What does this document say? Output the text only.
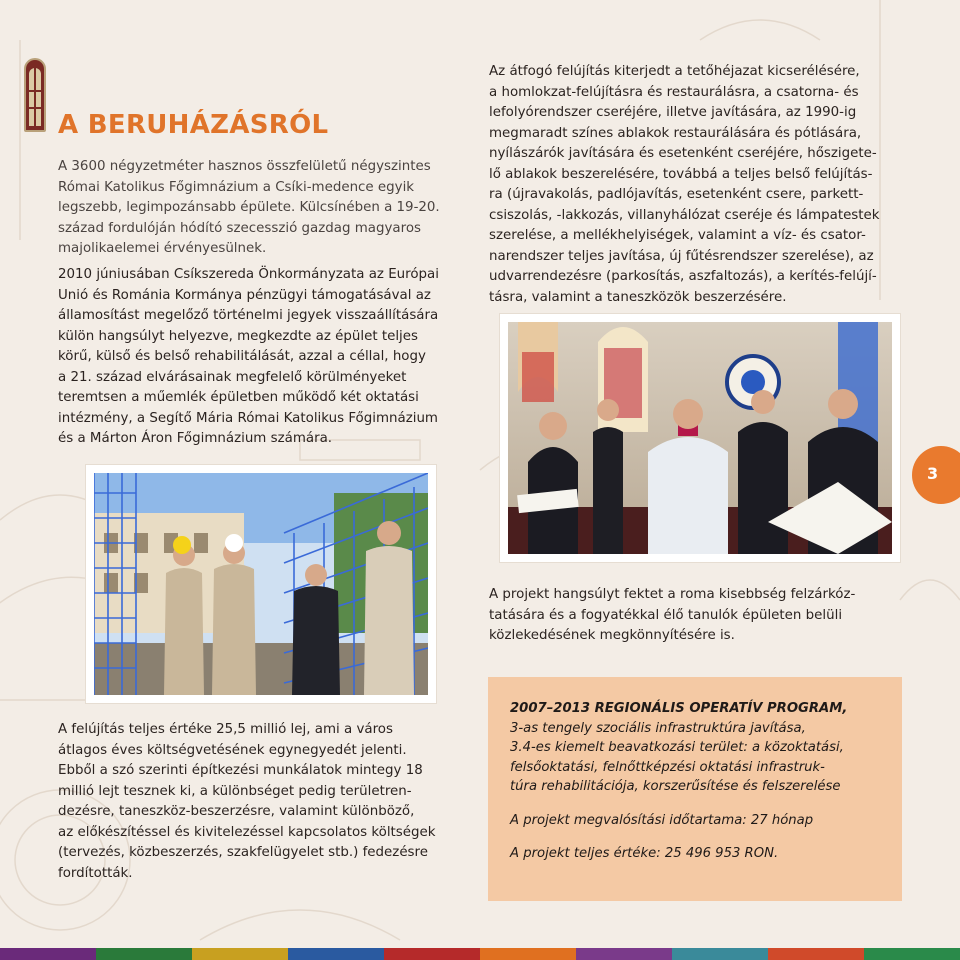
A BERUHÁZÁSRÓL

A 3600 négyzetméter hasznos összfelületű négyszintes
Római Katolikus Főgimnázium a Csíki-medence egyik
legszebb, legimpozánsabb épülete. Külcsínében a 19-20.
század fordulóján hódító szecesszió gazdag magyaros
majolikaelemei érvényesülnek.

2010 júniusában Csíkszereda Önkormányzata az Európai
Unió és Románia Kormánya pénzügyi támogatásával az
államosítást megelőző történelmi jegyek visszaállítására
külön hangsúlyt helyezve, megkezdte az épület teljes
körű, külső és belső rehabilitálását, azzal a céllal, hogy
a 21. század elvárásainak megfelelő körülményeket
teremtsen a műemlék épületben működő két oktatási
intézmény, a Segítő Mária Római Katolikus Főgimnázium
és a Márton Áron Főgimnázium számára.

Az átfogó felújítás kiterjedt a tetőhéjazat kicserélésére,
a homlokzat-felújításra és restaurálásra, a csatorna- és
lefolyórendszer cseréjére, illetve javítására, az 1990-ig
megmaradt színes ablakok restaurálására és pótlására,
nyílászárók javítására és esetenként cseréjére, hőszigete-
lő ablakok beszerelésére, továbbá a teljes belső felújítás-
ra (újravakolás, padlójavítás, esetenként csere, parkett-
csiszolás, -lakkozás, villanyhálózat cseréje és lámpatestek
szerelése, a mellékhelyiségek, valamint a víz- és csator-
narendszer teljes javítása, új fűtésrendszer szerelése), az
udvarrendezésre (parkosítás, aszfaltozás), a kerítés-felújí-
tásra, valamint a taneszközök beszerzésére.

3

A projekt hangsúlyt fektet a roma kisebbség felzárkóz-
tatására és a fogyatékkal élő tanulók épületen belüli
közlekedésének megkönnyítésére is.

A felújítás teljes értéke 25,5 millió lej, ami a város
átlagos éves költségvetésének egynegyedét jelenti.
Ebből a szó szerinti építkezési munkálatok mintegy 18
millió lejt tesznek ki, a különbséget pedig területren-
dezésre, taneszköz-beszerzésre, valamint különböző,
az előkészítéssel és kivitelezéssel kapcsolatos költségek
(tervezés, közbeszerzés, szakfelügyelet stb.) fedezésre
fordították.

2007–2013 REGIONÁLIS OPERATÍV PROGRAM,

3-as tengely szociális infrastruktúra javítása,

3.4-es kiemelt beavatkozási terület: a közoktatási,

felsőoktatási, felnőttképzési oktatási infrastruk-

túra rehabilitációja, korszerűsítése és felszerelése

A projekt megvalósítási időtartama: 27 hónap

A projekt teljes értéke: 25 496 953 RON.
